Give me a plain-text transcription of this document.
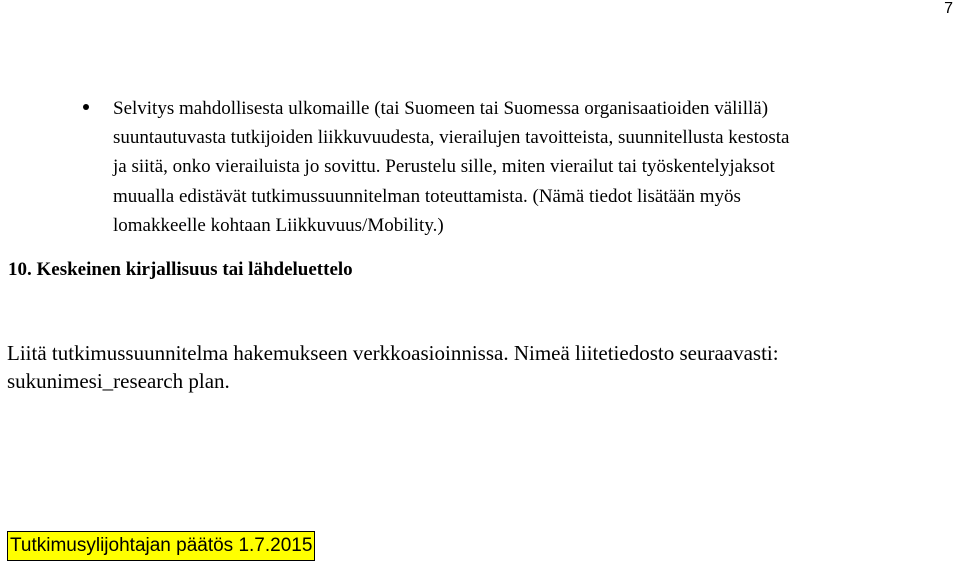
7
Selvitys mahdollisesta ulkomaille (tai Suomeen tai Suomessa organisaatioiden välillä)
suuntautuvasta tutkijoiden liikkuvuudesta, vierailujen tavoitteista, suunnitellusta kestosta
ja siitä, onko vierailuista jo sovittu. Perustelu sille, miten vierailut tai työskentelyjaksot
muualla edistävät tutkimussuunnitelman toteuttamista. (Nämä tiedot lisätään myös
lomakkeelle kohtaan Liikkuvuus/Mobility.)
10. Keskeinen kirjallisuus tai lähdeluettelo
Liitä tutkimussuunnitelma hakemukseen verkkoasioinnissa. Nimeä liitetiedosto seuraavasti:
sukunimesi_research plan.
Tutkimusylijohtajan päätös 1.7.2015
